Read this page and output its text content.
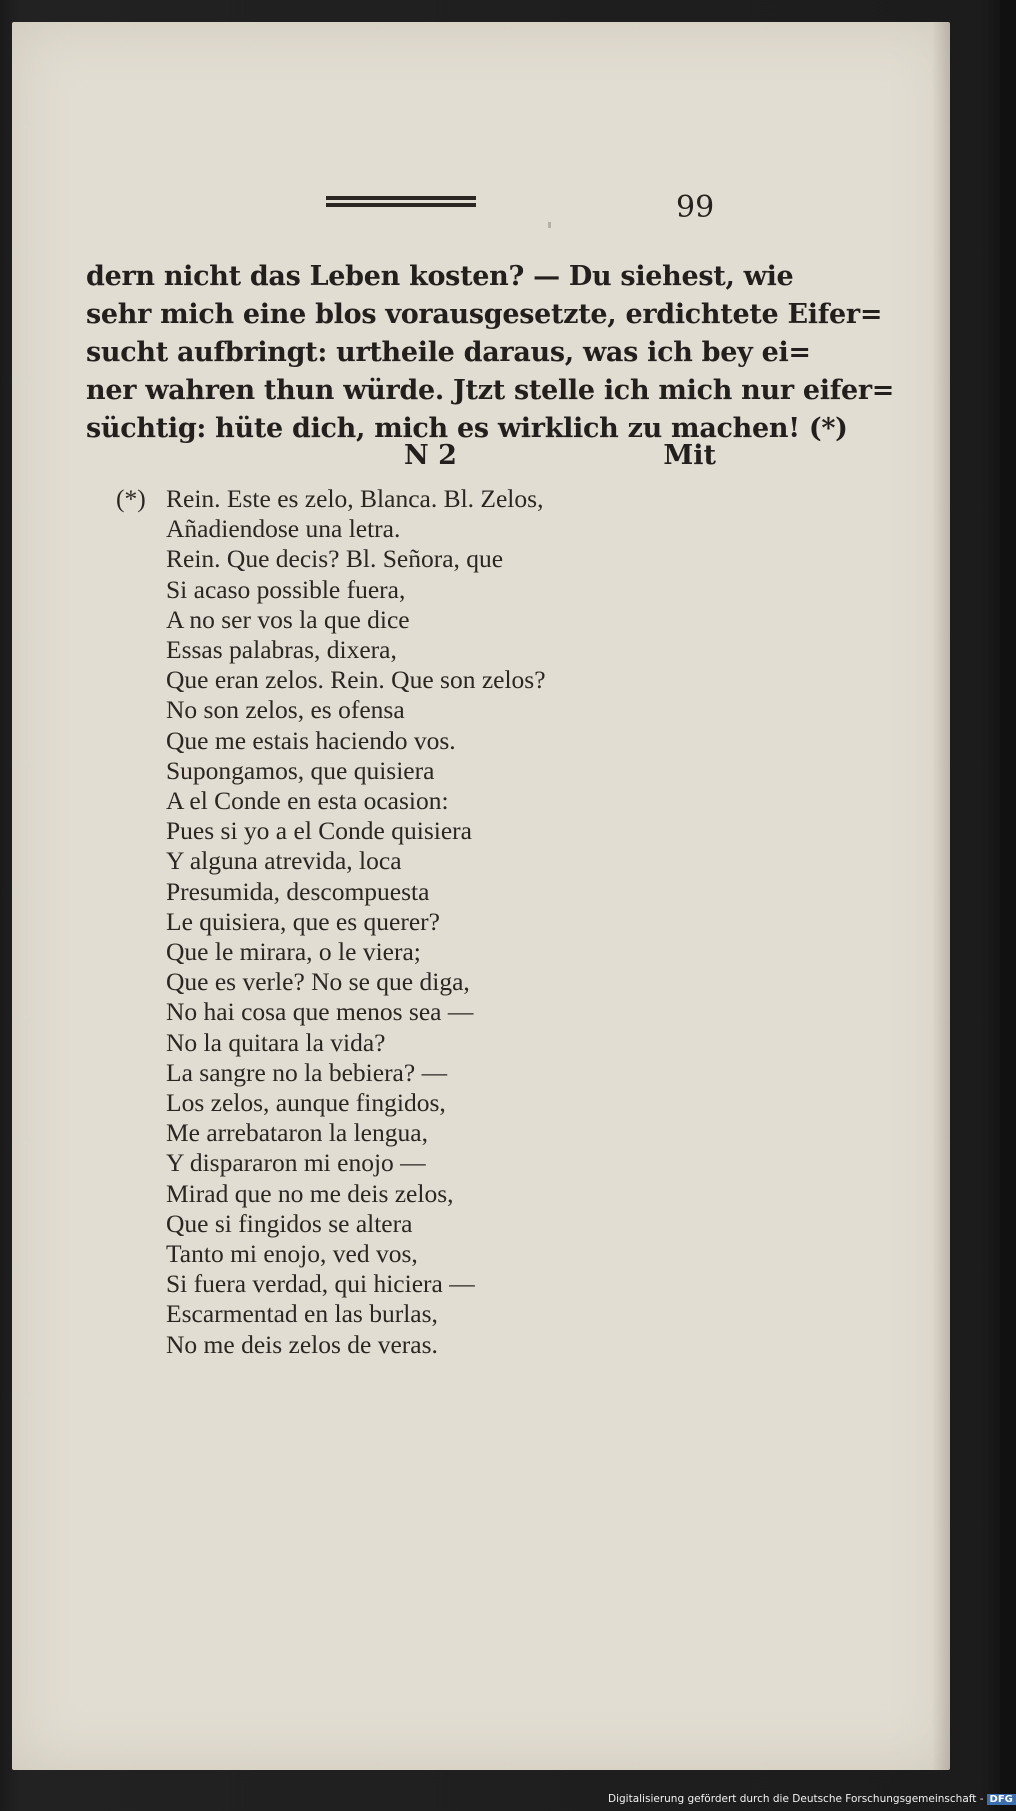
99
dern nicht das Leben kosten? — Du siehest, wie
sehr mich eine blos vorausgesetzte, erdichtete Eifer=
sucht aufbringt: urtheile daraus, was ich bey ei=
ner wahren thun würde. Jtzt stelle ich mich nur eifer=
süchtig: hüte dich, mich es wirklich zu machen! (*)
N 2	Mit
(*) Rein. Este es zelo, Blanca. Bl. Zelos,
Añadiendose una letra.
Rein. Que decis? Bl. Señora, que
Si acaso possible fuera,
A no ser vos la que dice
Essas palabras, dixera,
Que eran zelos. Rein. Que son zelos?
No son zelos, es ofensa
Que me estais haciendo vos.
Supongamos, que quisiera
A el Conde en esta ocasion:
Pues si yo a el Conde quisiera
Y alguna atrevida, loca
Presumida, descompuesta
Le quisiera, que es querer?
Que le mirara, o le viera;
Que es verle? No se que diga,
No hai cosa que menos sea —
No la quitara la vida?
La sangre no la bebiera? —
Los zelos, aunque fingidos,
Me arrebataron la lengua,
Y dispararon mi enojo —
Mirad que no me deis zelos,
Que si fingidos se altera
Tanto mi enojo, ved vos,
Si fuera verdad, qui hiciera —
Escarmentad en las burlas,
No me deis zelos de veras.
Digitalisierung gefördert durch die Deutsche Forschungsgemeinschaft - DFG
